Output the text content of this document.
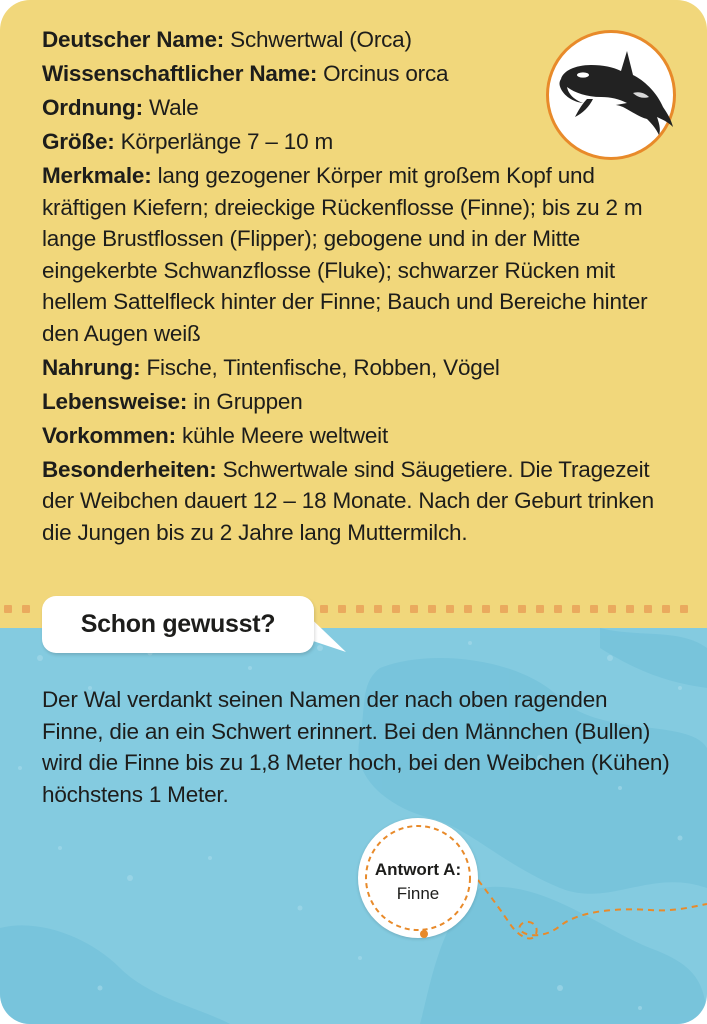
Deutscher Name : Schwertwal (Orca)
Wissenschaftlicher Name : Orcinus orca
Ordnung : Wale
Größe : Körperlänge 7 – 10 m
Merkmale : lang gezogener Körper mit großem Kopf und kräftigen Kiefern; dreieckige Rückenflosse (Finne); bis zu 2 m lange Brustflossen (Flipper); gebogene und in der Mitte eingekerbte Schwanzflosse (Fluke); schwarzer Rücken mit hellem Sattelfleck hinter der Finne; Bauch und Bereiche hinter den Augen weiß
Nahrung : Fische, Tintenfische, Robben, Vögel
Lebensweise : in Gruppen
Vorkommen : kühle Meere weltweit
Besonderheiten : Schwertwale sind Säugetiere. Die Tragezeit der Weibchen dauert 12 – 18 Monate. Nach der Geburt trinken die Jungen bis zu 2 Jahre lang Muttermilch.
Schon gewusst?
Der Wal verdankt seinen Namen der nach oben ragenden Finne, die an ein Schwert erinnert. Bei den Männchen (Bullen) wird die Finne bis zu 1,8 Meter hoch, bei den Weibchen (Kühen) höchstens 1 Meter.
Antwort A:
Finne
